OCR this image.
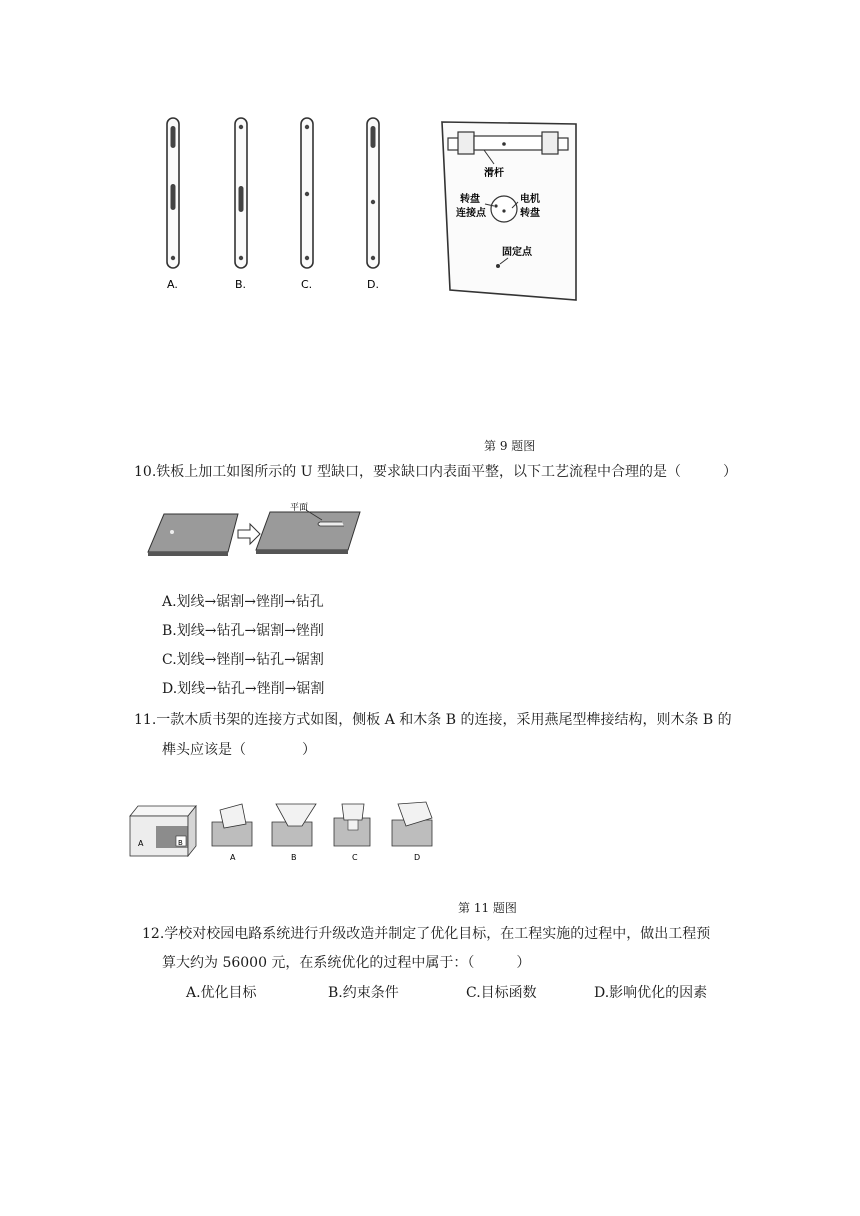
A.	B.	C.	D.
滑杆
转盘
连接点
电机
转盘
固定点
第 9 题图
10.铁板上加工如图所示的 U 型缺口，要求缺口内表面平整，以下工艺流程中合理的是（　　　）
平面
A.划线→锯割→锉削→钻孔
B.划线→钻孔→锯割→锉削
C.划线→锉削→钻孔→锯割
D.划线→钻孔→锉削→锯割
11.一款木质书架的连接方式如图，侧板 A 和木条 B 的连接，采用燕尾型榫接结构，则木条 B 的
榫头应该是（　　　　）
A	B
A	B	C	D
第 11 题图
12.学校对校园电路系统进行升级改造并制定了优化目标，在工程实施的过程中，做出工程预
算大约为 56000 元，在系统优化的过程中属于：（　　　）
A.优化目标	B.约束条件	C.目标函数	D.影响优化的因素
